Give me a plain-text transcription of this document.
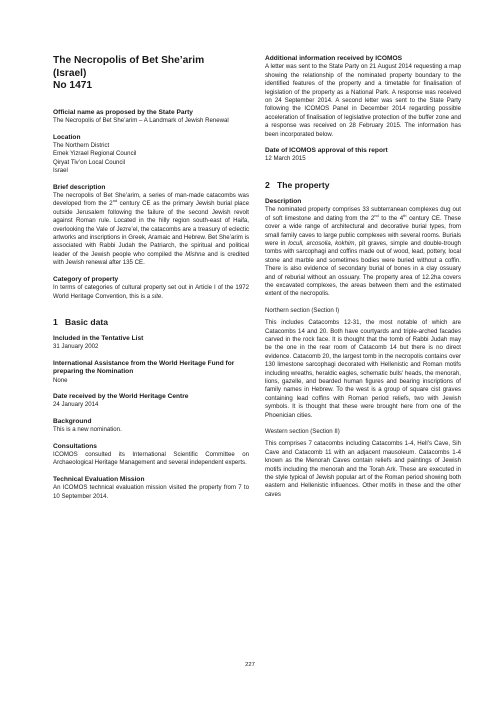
The Necropolis of Bet She’arim
(Israel)
No 1471
Official name as proposed by the State Party

The Necropolis of Bet She’arim – A Landmark of Jewish Renewal

Location
The Northern District
Emek Yizrael Regional Council
Qiryat Tiv’on Local Council
Israel
Brief description

The necropolis of Bet She’arim, a series of man-made catacombs was developed from the 2nd century CE as the primary Jewish burial place outside Jerusalem following the failure of the second Jewish revolt against Roman rule. Located in the hilly region south-east of Haifa, overlooking the Vale of Jezre’el, the catacombs are a treasury of eclectic artworks and inscriptions in Greek, Aramaic and Hebrew. Bet She’arim is associated with Rabbi Judah the Patriarch, the spiritual and political leader of the Jewish people who compiled the Mishna and is credited with Jewish renewal after 135 CE.

Category of property

In terms of categories of cultural property set out in Article I of the 1972 World Heritage Convention, this is a site.

1 Basic data
Included in the Tentative List

31 January 2002

International Assistance from the World Heritage Fund for preparing the Nomination

None

Date received by the World Heritage Centre

24 January 2014

Background

This is a new nomination.

Consultations

ICOMOS consulted its International Scientific Committee on Archaeological Heritage Management and several independent experts.

Technical Evaluation Mission

An ICOMOS technical evaluation mission visited the property from 7 to 10 September 2014.

Additional information received by ICOMOS

A letter was sent to the State Party on 21 August 2014 requesting a map showing the relationship of the nominated property boundary to the identified features of the property and a timetable for finalisation of legislation of the property as a National Park. A response was received on 24 September 2014. A second letter was sent to the State Party following the ICOMOS Panel in December 2014 regarding possible acceleration of finalisation of legislative protection of the buffer zone and a response was received on 28 February 2015. The information has been incorporated below.

Date of ICOMOS approval of this report

12 March 2015

2 The property
Description

The nominated property comprises 33 subterranean complexes dug out of soft limestone and dating from the 2nd to the 4th century CE. These cover a wide range of architectural and decorative burial types, from small family caves to large public complexes with several rooms. Burials were in loculi, arcosolia, kokhim, pit graves, simple and double-trough tombs with sarcophagi and coffins made out of wood, lead, pottery, local stone and marble and sometimes bodies were buried without a coffin. There is also evidence of secondary burial of bones in a clay ossuary and of reburial without an ossuary. The property area of 12.2ha covers the excavated complexes, the areas between them and the estimated extent of the necropolis.

Northern section (Section I)

This includes Catacombs 12-31, the most notable of which are Catacombs 14 and 20. Both have courtyards and triple-arched facades carved in the rock face. It is thought that the tomb of Rabbi Judah may be the one in the rear room of Catacomb 14 but there is no direct evidence. Catacomb 20, the largest tomb in the necropolis contains over 130 limestone sarcophagi decorated with Hellenistic and Roman motifs including wreaths, heraldic eagles, schematic bulls’ heads, the menorah, lions, gazelle, and bearded human figures and bearing inscriptions of family names in Hebrew. To the west is a group of square cist graves containing lead coffins with Roman period reliefs, two with Jewish symbols. It is thought that these were brought here from one of the Phoenician cities.

Western section (Section II)

This comprises 7 catacombs including Catacombs 1-4, Hell’s Cave, Sih Cave and Catacomb 11 with an adjacent mausoleum. Catacombs 1-4 known as the Menorah Caves contain reliefs and paintings of Jewish motifs including the menorah and the Torah Ark. These are executed in the style typical of Jewish popular art of the Roman period showing both eastern and Hellenistic influences. Other motifs in these and the other caves

227
